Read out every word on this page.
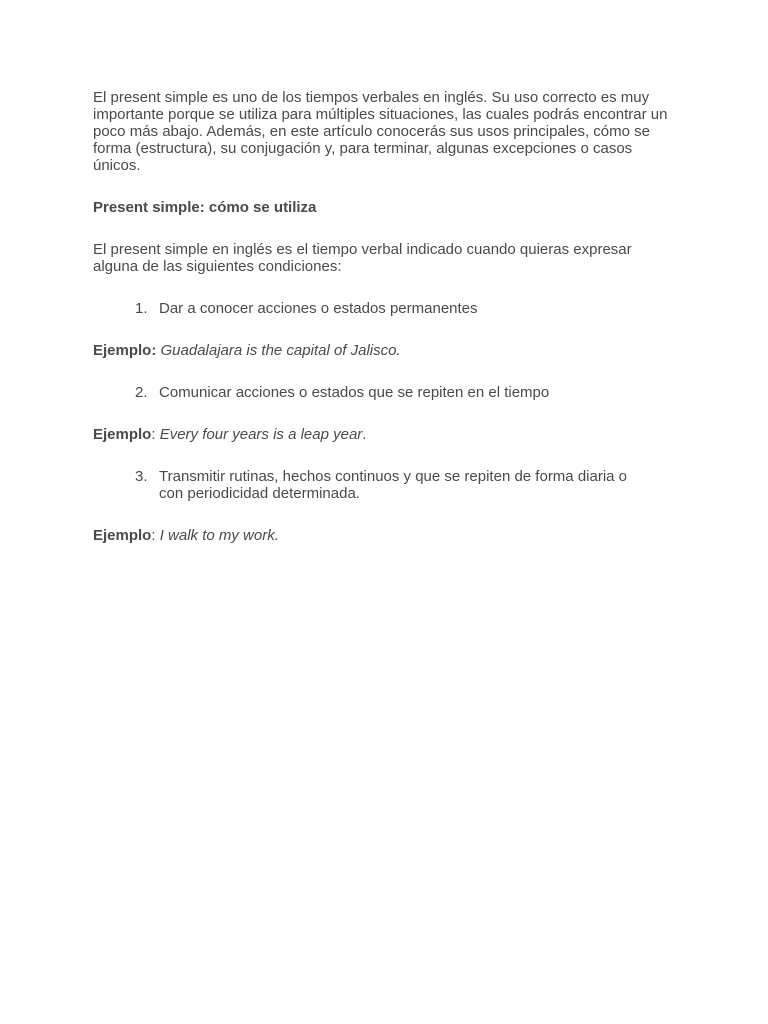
El present simple es uno de los tiempos verbales en inglés. Su uso correcto es muy importante porque se utiliza para múltiples situaciones, las cuales podrás encontrar un poco más abajo. Además, en este artículo conocerás sus usos principales, cómo se forma (estructura), su conjugación y, para terminar, algunas excepciones o casos únicos.

Present simple: cómo se utiliza

El present simple en inglés es el tiempo verbal indicado cuando quieras expresar alguna de las siguientes condiciones:

1. Dar a conocer acciones o estados permanentes

Ejemplo: Guadalajara is the capital of Jalisco.

2. Comunicar acciones o estados que se repiten en el tiempo

Ejemplo: Every four years is a leap year.

3. Transmitir rutinas, hechos continuos y que se repiten de forma diaria o con periodicidad determinada.

Ejemplo: I walk to my work.
